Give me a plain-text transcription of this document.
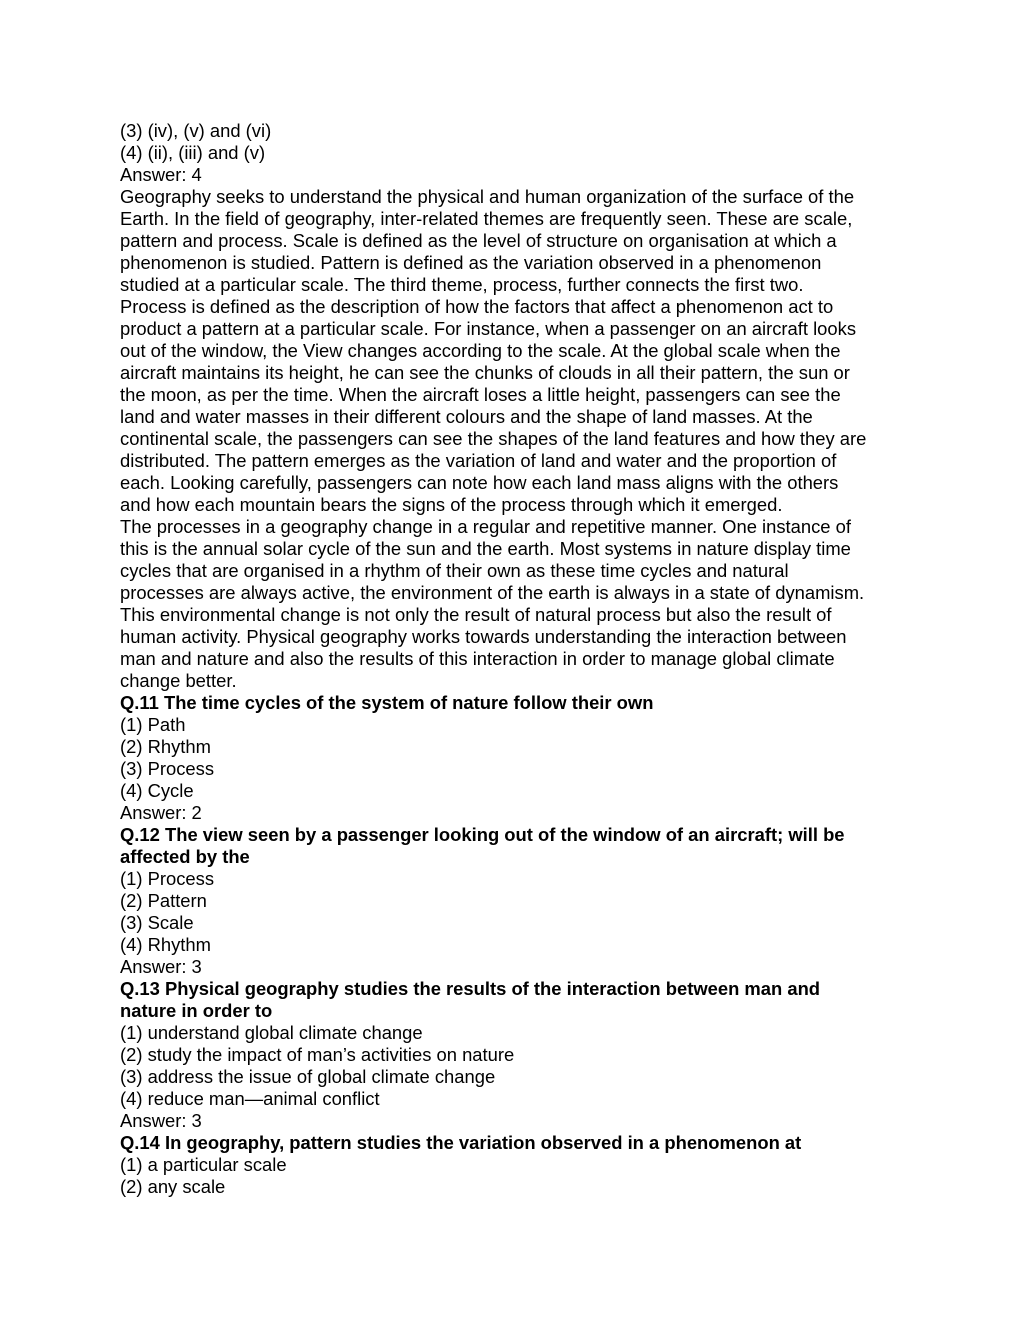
(3) (iv), (v) and (vi)
(4) (ii), (iii) and (v)
Answer: 4
Geography seeks to understand the physical and human organization of the surface of the
Earth. In the field of geography, inter-related themes are frequently seen. These are scale,
pattern and process. Scale is defined as the level of structure on organisation at which a
phenomenon is studied. Pattern is defined as the variation observed in a phenomenon
studied at a particular scale. The third theme, process, further connects the first two.
Process is defined as the description of how the factors that affect a phenomenon act to
product a pattern at a particular scale. For instance, when a passenger on an aircraft looks
out of the window, the View changes according to the scale. At the global scale when the
aircraft maintains its height, he can see the chunks of clouds in all their pattern, the sun or
the moon, as per the time. When the aircraft loses a little height, passengers can see the
land and water masses in their different colours and the shape of land masses. At the
continental scale, the passengers can see the shapes of the land features and how they are
distributed. The pattern emerges as the variation of land and water and the proportion of
each. Looking carefully, passengers can note how each land mass aligns with the others
and how each mountain bears the signs of the process through which it emerged.
The processes in a geography change in a regular and repetitive manner. One instance of
this is the annual solar cycle of the sun and the earth. Most systems in nature display time
cycles that are organised in a rhythm of their own as these time cycles and natural
processes are always active, the environment of the earth is always in a state of dynamism.
This environmental change is not only the result of natural process but also the result of
human activity. Physical geography works towards understanding the interaction between
man and nature and also the results of this interaction in order to manage global climate
change better.
Q.11 The time cycles of the system of nature follow their own
(1) Path
(2) Rhythm
(3) Process
(4) Cycle
Answer: 2
Q.12 The view seen by a passenger looking out of the window of an aircraft; will be
affected by the
(1) Process
(2) Pattern
(3) Scale
(4) Rhythm
Answer: 3
Q.13 Physical geography studies the results of the interaction between man and
nature in order to
(1) understand global climate change
(2) study the impact of man’s activities on nature
(3) address the issue of global climate change
(4) reduce man—animal conflict
Answer: 3
Q.14 In geography, pattern studies the variation observed in a phenomenon at
(1) a particular scale
(2) any scale
